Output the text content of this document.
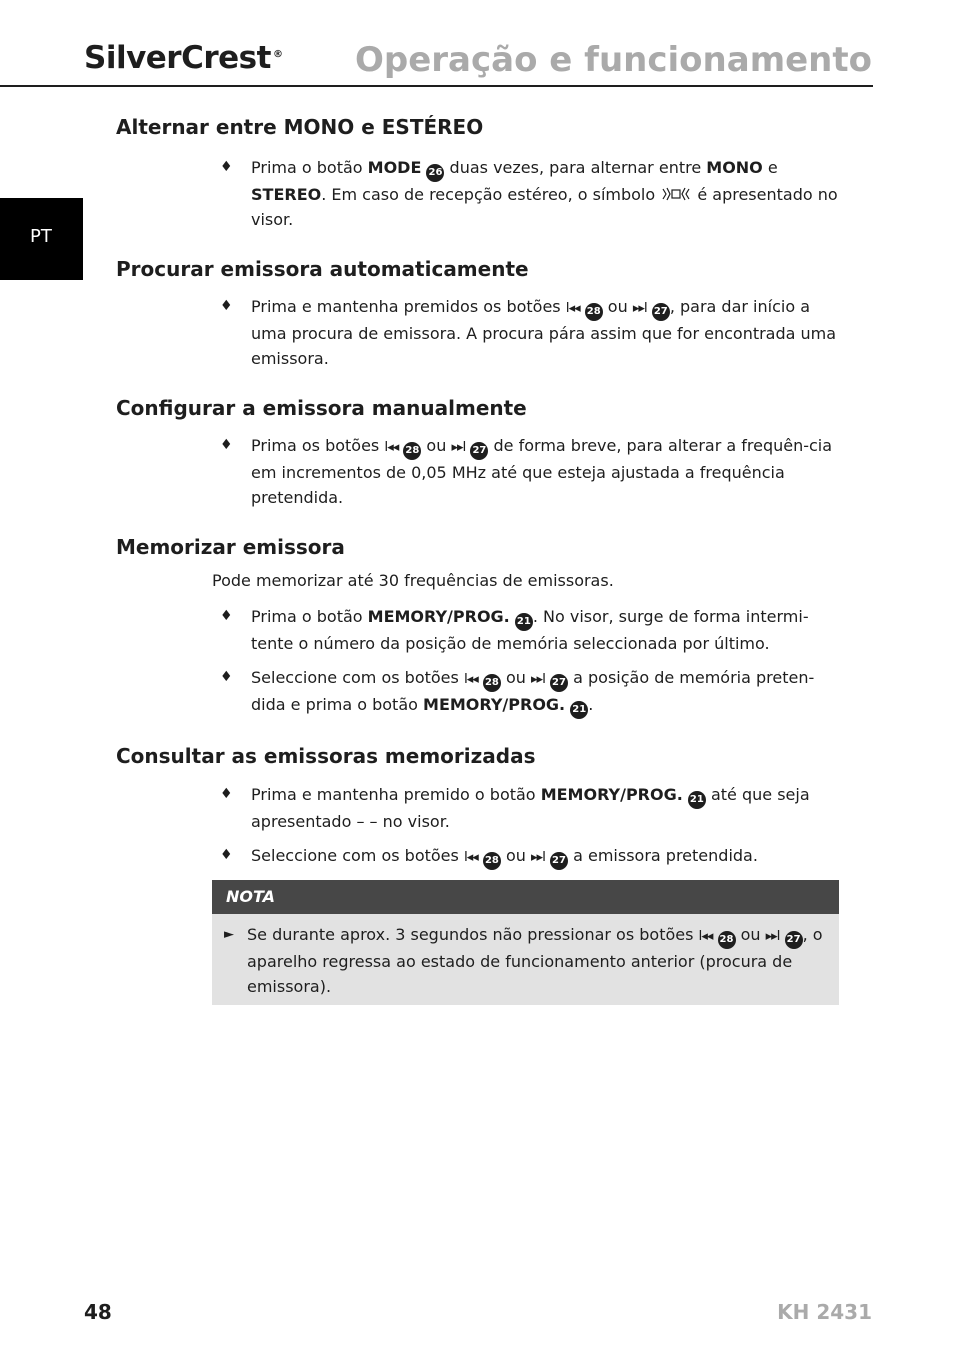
SilverCrest ® Operação e funcionamento
PT
Alternar entre MONO e ESTÉREO

♦ Prima o botão MODE 26 duas vezes, para alternar entre MONO e STEREO. Em caso de recepção estéreo, o símbolo  é apresentado no visor.

Procurar emissora automaticamente

♦ Prima e mantenha premidos os botões I◂◂ 28 ou ▸▸I 27 , para dar início a uma procura de emissora. A procura pára assim que for encontrada uma emissora.

Configurar a emissora manualmente

♦ Prima os botões I◂◂ 28 ou ▸▸I 27 de forma breve, para alterar a frequên-cia em incrementos de 0,05 MHz até que esteja ajustada a frequência pretendida.

Memorizar emissora

Pode memorizar até 30 frequências de emissoras.

♦ Prima o botão MEMORY/PROG. 21 . No visor, surge de forma intermi-tente o número da posição de memória seleccionada por último.

♦ Seleccione com os botões I◂◂ 28 ou ▸▸I 27 a posição de memória preten-dida e prima o botão MEMORY/PROG. 21 .

Consultar as emissoras memorizadas

♦ Prima e mantenha premido o botão MEMORY/PROG. 21 até que seja apresentado – – no visor.

♦ Seleccione com os botões I◂◂ 28 ou ▸▸I 27 a emissora pretendida.

NOTA
► Se durante aprox. 3 segundos não pressionar os botões I◂◂ 28 ou ▸▸I 27 , o aparelho regressa ao estado de funcionamento anterior (procura de emissora).
48	KH 2431
